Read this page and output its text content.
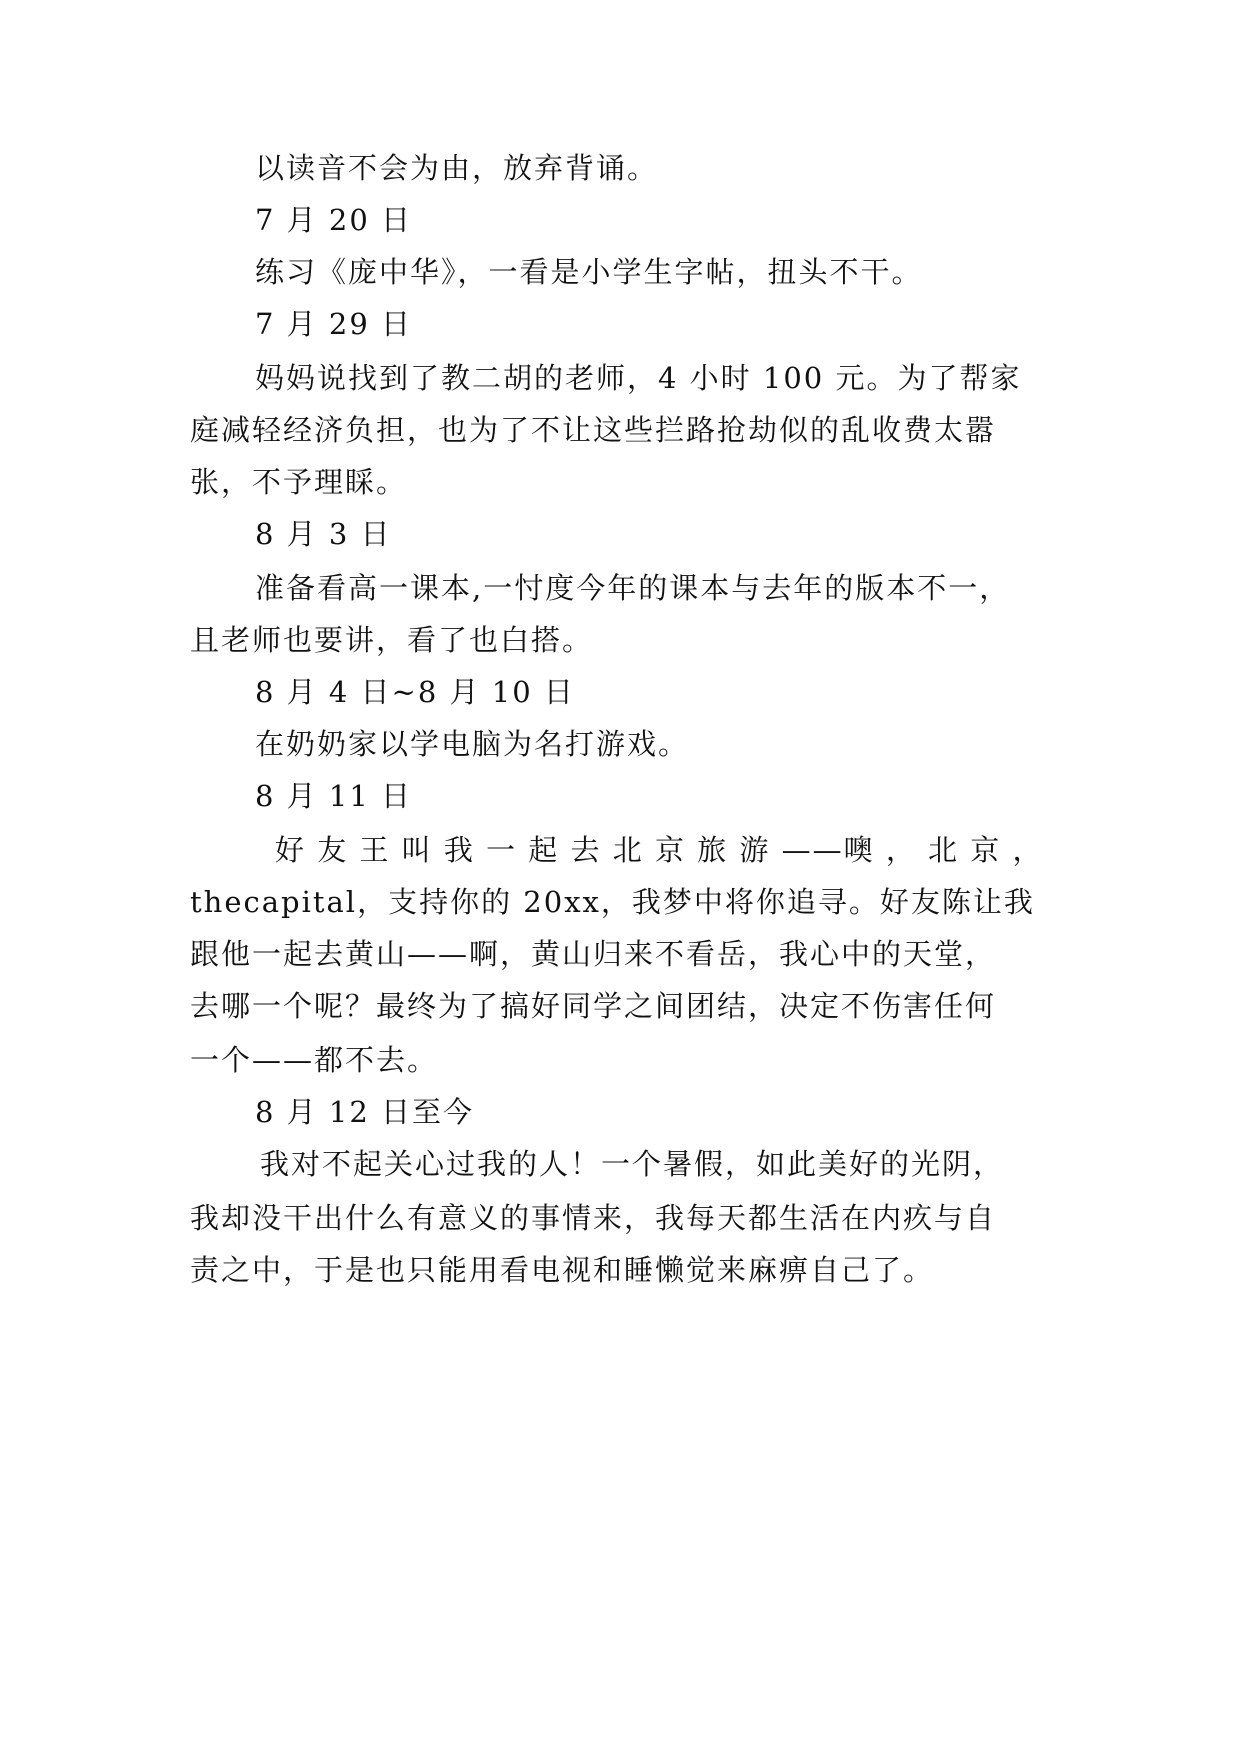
以读音不会为由，放弃背诵。
7 月 20 日
练习《庞中华》，一看是小学生字帖，扭头不干。
7 月 29 日
妈妈说找到了教二胡的老师，4 小时 100 元。为了帮家
庭减轻经济负担，也为了不让这些拦路抢劫似的乱收费太嚣
张，不予理睬。
8 月 3 日
准备看高一课本,一忖度今年的课本与去年的版本不一，
且老师也要讲，看了也白搭。
8 月 4 日~8 月 10 日
在奶奶家以学电脑为名打游戏。
8 月 11 日
好 友 王 叫 我 一 起 去 北 京 旅 游 ——噢 ， 北 京 ，
thecapital，支持你的 20xx，我梦中将你追寻。好友陈让我
跟他一起去黄山——啊，黄山归来不看岳，我心中的天堂，
去哪一个呢？最终为了搞好同学之间团结，决定不伤害任何
一个——都不去。
8 月 12 日至今
我对不起关心过我的人！一个暑假，如此美好的光阴，
我却没干出什么有意义的事情来，我每天都生活在内疚与自
责之中，于是也只能用看电视和睡懒觉来麻痹自己了。
